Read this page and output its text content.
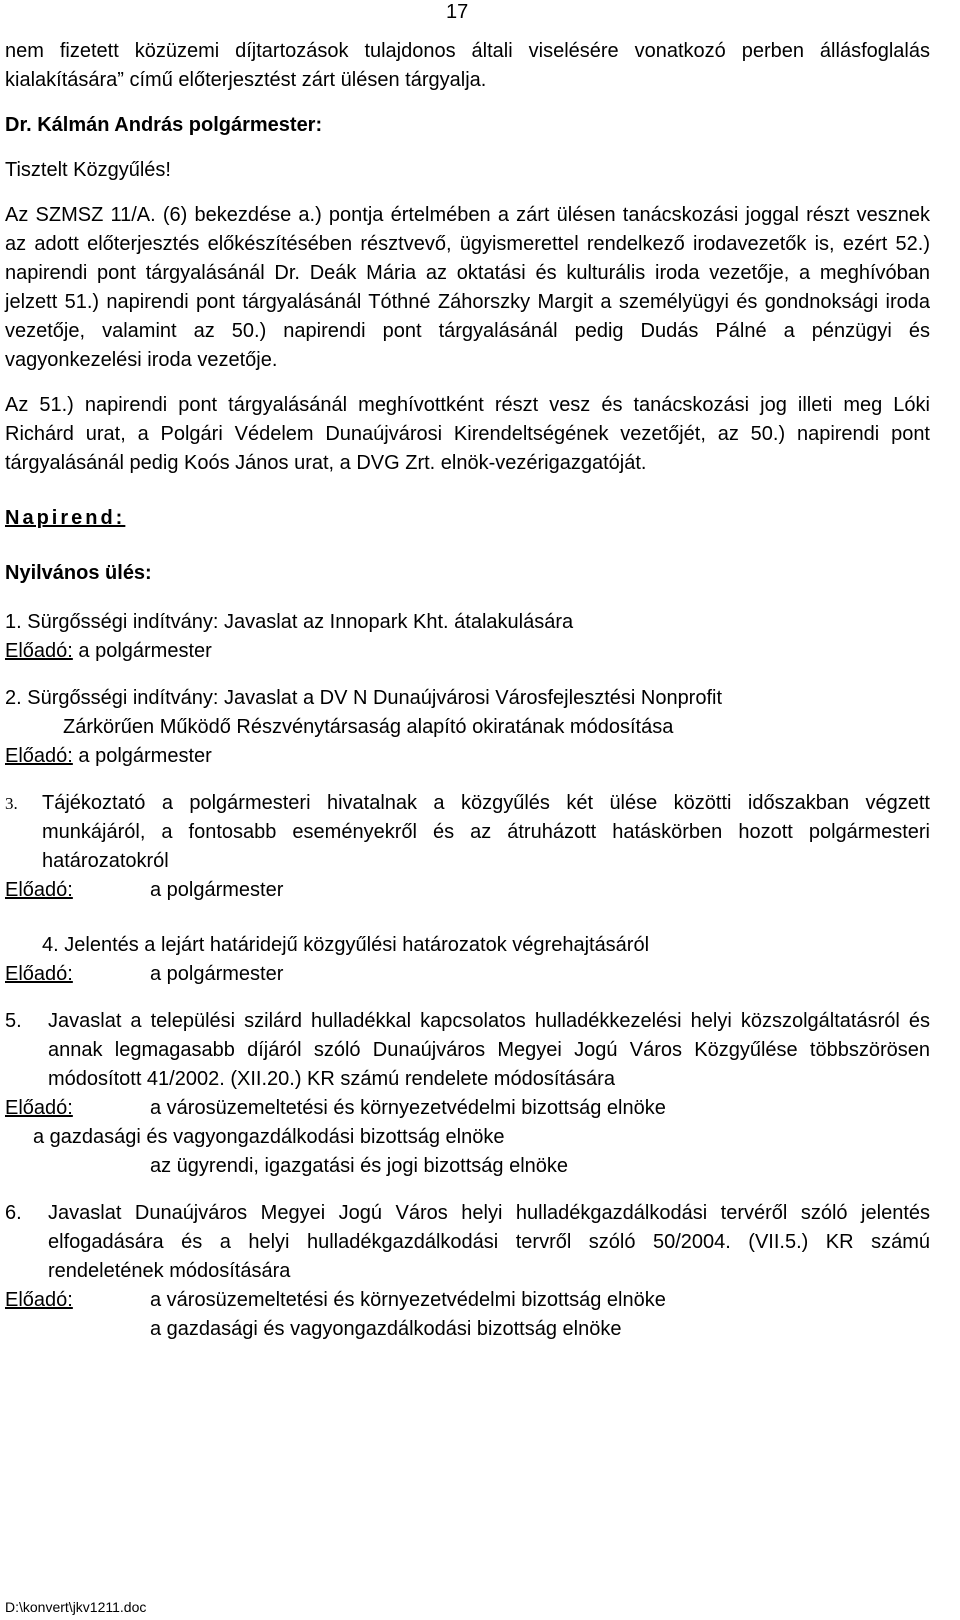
17

nem fizetett közüzemi díjtartozások tulajdonos általi viselésére vonatkozó perben állásfoglalás kialakítására” című előterjesztést zárt ülésen tárgyalja.

Dr. Kálmán András polgármester:

Tisztelt Közgyűlés!

Az SZMSZ 11/A. (6) bekezdése a.) pontja értelmében a zárt ülésen tanácskozási joggal részt vesznek az adott előterjesztés előkészítésében résztvevő, ügyismerettel rendelkező irodavezetők is, ezért 52.) napirendi pont tárgyalásánál Dr. Deák Mária az oktatási és kulturális iroda vezetője, a meghívóban jelzett 51.) napirendi pont tárgyalásánál Tóthné Záhorszky Margit a személyügyi és gondnoksági iroda vezetője, valamint az 50.) napirendi pont tárgyalásánál pedig Dudás Pálné a pénzügyi és vagyonkezelési iroda vezetője.

Az 51.) napirendi pont tárgyalásánál meghívottként részt vesz és tanácskozási jog illeti meg Lóki Richárd urat, a Polgári Védelem Dunaújvárosi Kirendeltségének vezetőjét, az 50.) napirendi pont tárgyalásánál pedig Koós János urat, a DVG Zrt. elnök-vezérigazgatóját.

Napirend:

Nyilvános ülés:

1. Sürgősségi indítvány: Javaslat az Innopark Kht. átalakulására

Előadó: a polgármester

2. Sürgősségi indítvány: Javaslat a DV N Dunaújvárosi Városfejlesztési Nonprofit

Zárkörűen Működő Részvénytársaság alapító okiratának módosítása

Előadó: a polgármester

3.	Tájékoztató a polgármesteri hivatalnak a közgyűlés két ülése közötti időszakban végzett munkájáról, a fontosabb eseményekről és az átruházott hatáskörben hozott polgármesteri határozatokról

Előadó:	a polgármester

4. Jelentés a lejárt határidejű közgyűlési határozatok végrehajtásáról

Előadó:	a polgármester
5.	Javaslat a települési szilárd hulladékkal kapcsolatos hulladékkezelési helyi közszolgáltatásról és annak legmagasabb díjáról szóló Dunaújváros Megyei Jogú Város Közgyűlése többszörösen módosított 41/2002. (XII.20.) KR számú rendelete módosítására

Előadó:	a városüzemeltetési és környezetvédelmi bizottság elnöke

a gazdasági és vagyongazdálkodási bizottság elnöke

az ügyrendi, igazgatási és jogi bizottság elnöke

6.	Javaslat Dunaújváros Megyei Jogú Város helyi hulladékgazdálkodási tervéről szóló jelentés elfogadására és a helyi hulladékgazdálkodási tervről szóló 50/2004. (VII.5.) KR számú rendeletének módosítására

Előadó:	a városüzemeltetési és környezetvédelmi bizottság elnöke

a gazdasági és vagyongazdálkodási bizottság elnöke

D:\konvert\jkv1211.doc
